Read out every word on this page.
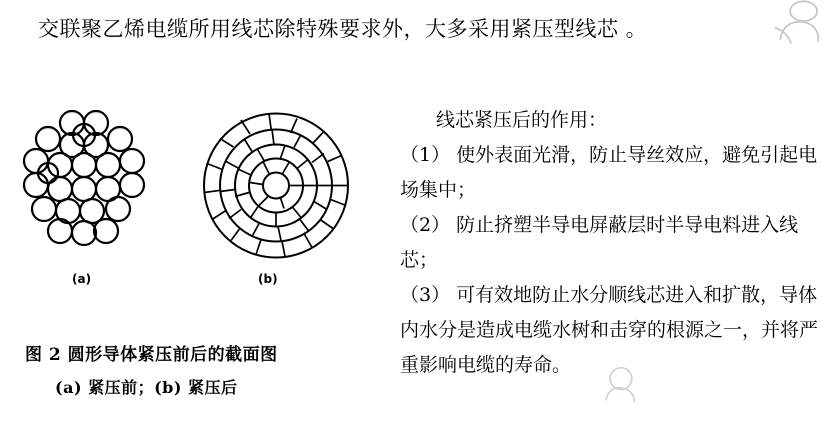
交联聚乙烯电缆所用线芯除特殊要求外，大多采用紧压型线芯 。
(a)	(b)
图 2 圆形导体紧压前后的截面图
(a) 紧压前；(b) 紧压后

线芯紧压后的作用：

（1） 使外表面光滑，防止导丝效应，避免引起电场集中；

（2） 防止挤塑半导电屏蔽层时半导电料进入线芯；

（3） 可有效地防止水分顺线芯进入和扩散，导体内水分是造成电缆水树和击穿的根源之一，并将严重影响电缆的寿命。
